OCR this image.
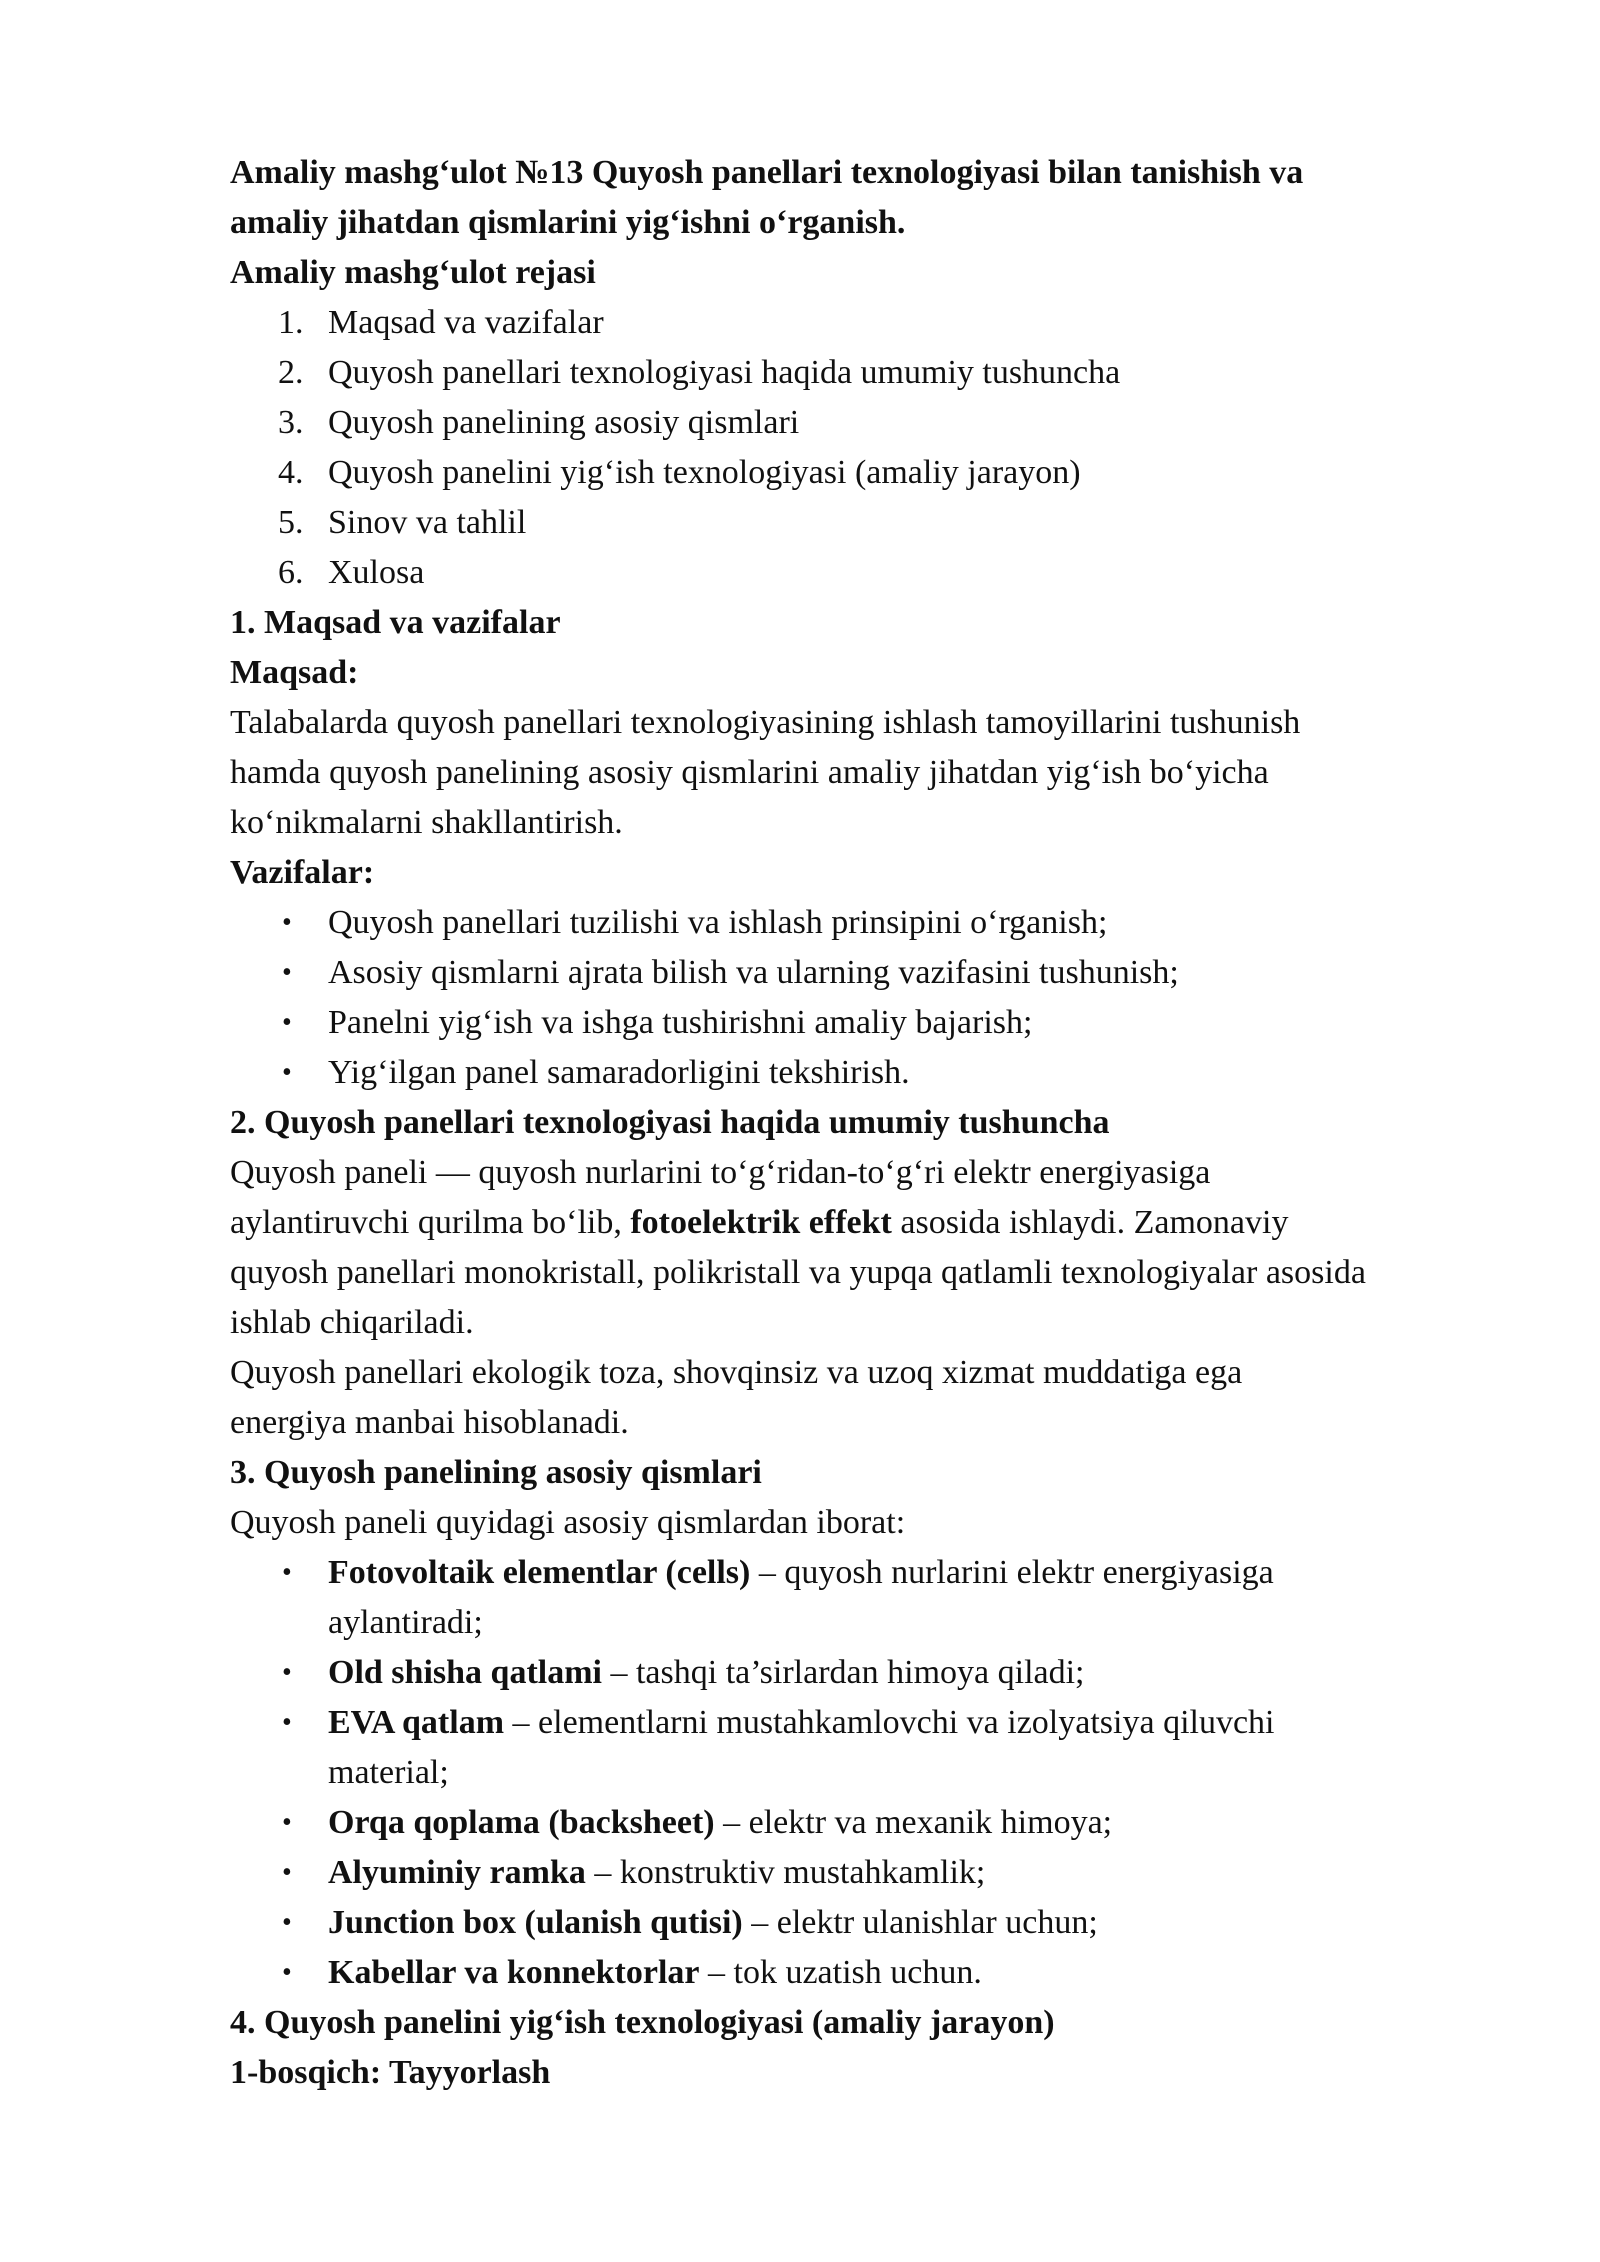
Amaliy mashg‘ulot №13 Quyosh panellari texnologiyasi bilan tanishish va

amaliy jihatdan qismlarini yig‘ishni o‘rganish.

Amaliy mashg‘ulot rejasi

1. Maqsad va vazifalar
2. Quyosh panellari texnologiyasi haqida umumiy tushuncha
3. Quyosh panelining asosiy qismlari
4. Quyosh panelini yig‘ish texnologiyasi (amaliy jarayon)
5. Sinov va tahlil
6. Xulosa

1. Maqsad va vazifalar

Maqsad:

Talabalarda quyosh panellari texnologiyasining ishlash tamoyillarini tushunish

hamda quyosh panelining asosiy qismlarini amaliy jihatdan yig‘ish bo‘yicha

ko‘nikmalarni shakllantirish.

Vazifalar:

• Quyosh panellari tuzilishi va ishlash prinsipini o‘rganish;
• Asosiy qismlarni ajrata bilish va ularning vazifasini tushunish;
• Panelni yig‘ish va ishga tushirishni amaliy bajarish;
• Yig‘ilgan panel samaradorligini tekshirish.

2. Quyosh panellari texnologiyasi haqida umumiy tushuncha

Quyosh paneli — quyosh nurlarini to‘g‘ridan-to‘g‘ri elektr energiyasiga

aylantiruvchi qurilma bo‘lib, fotoelektrik effekt asosida ishlaydi. Zamonaviy

quyosh panellari monokristall, polikristall va yupqa qatlamli texnologiyalar asosida

ishlab chiqariladi.

Quyosh panellari ekologik toza, shovqinsiz va uzoq xizmat muddatiga ega

energiya manbai hisoblanadi.

3. Quyosh panelining asosiy qismlari

Quyosh paneli quyidagi asosiy qismlardan iborat:

• Fotovoltaik elementlar (cells) – quyosh nurlarini elektr energiyasiga
aylantiradi;
• Old shisha qatlami – tashqi ta’sirlardan himoya qiladi;
• EVA qatlam – elementlarni mustahkamlovchi va izolyatsiya qiluvchi
material;
• Orqa qoplama (backsheet) – elektr va mexanik himoya;
• Alyuminiy ramka – konstruktiv mustahkamlik;
• Junction box (ulanish qutisi) – elektr ulanishlar uchun;
• Kabellar va konnektorlar – tok uzatish uchun.

4. Quyosh panelini yig‘ish texnologiyasi (amaliy jarayon)

1-bosqich: Tayyorlash
